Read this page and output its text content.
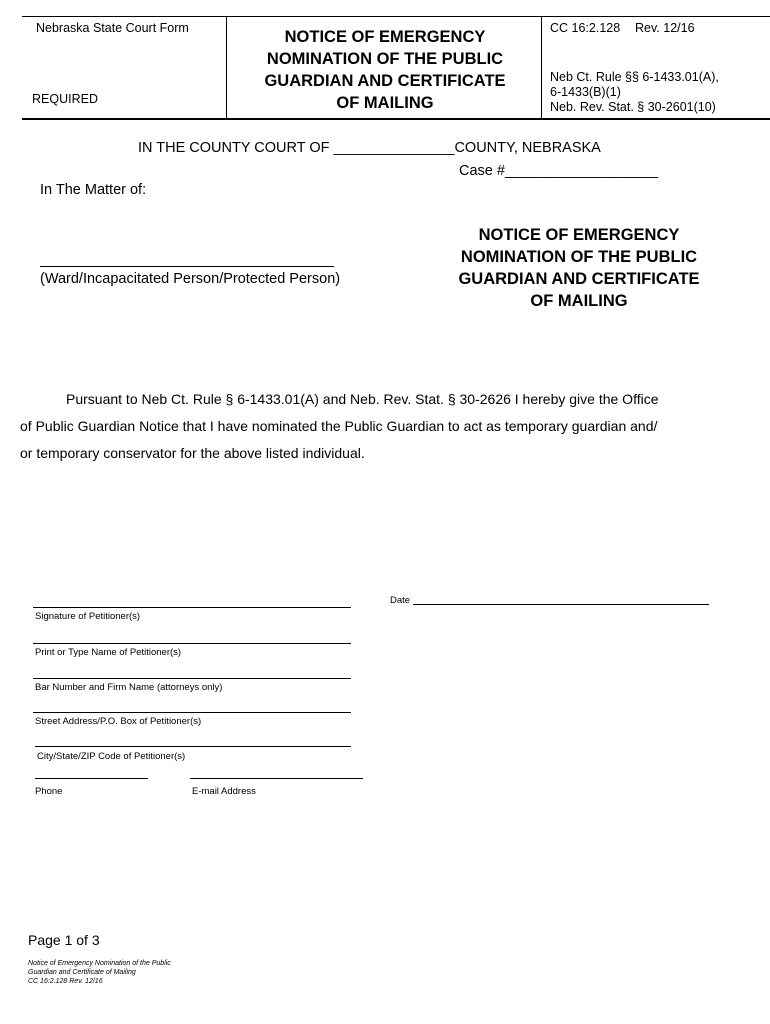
Nebraska State Court Form
REQUIRED
NOTICE OF EMERGENCY NOMINATION OF THE PUBLIC GUARDIAN AND CERTIFICATE OF MAILING
CC 16:2.128 Rev. 12/16
Neb Ct. Rule §§ 6-1433.01(A),
6-1433(B)(1)
Neb. Rev. Stat. § 30-2601(10)
IN THE COUNTY COURT OF _______________COUNTY, NEBRASKA
Case #___________________
In The Matter of:
(Ward/Incapacitated Person/Protected Person)
NOTICE OF EMERGENCY NOMINATION OF THE PUBLIC GUARDIAN AND CERTIFICATE OF MAILING
Pursuant to Neb Ct. Rule § 6-1433.01(A) and Neb. Rev. Stat. § 30-2626 I hereby give the Office
of Public Guardian Notice that I have nominated the Public Guardian to act as temporary guardian and/
or temporary conservator for the above listed individual.
Date
Signature of Petitioner(s)
Print or Type Name of Petitioner(s)
Bar Number and Firm Name (attorneys only)
Street Address/P.O. Box of Petitioner(s)
City/State/ZIP Code of Petitioner(s)
Phone	E-mail Address
Page 1 of 3
Notice of Emergency Nomination of the Public
Guardian and Certificate of Mailing
CC 16:2.128 Rev. 12/16
